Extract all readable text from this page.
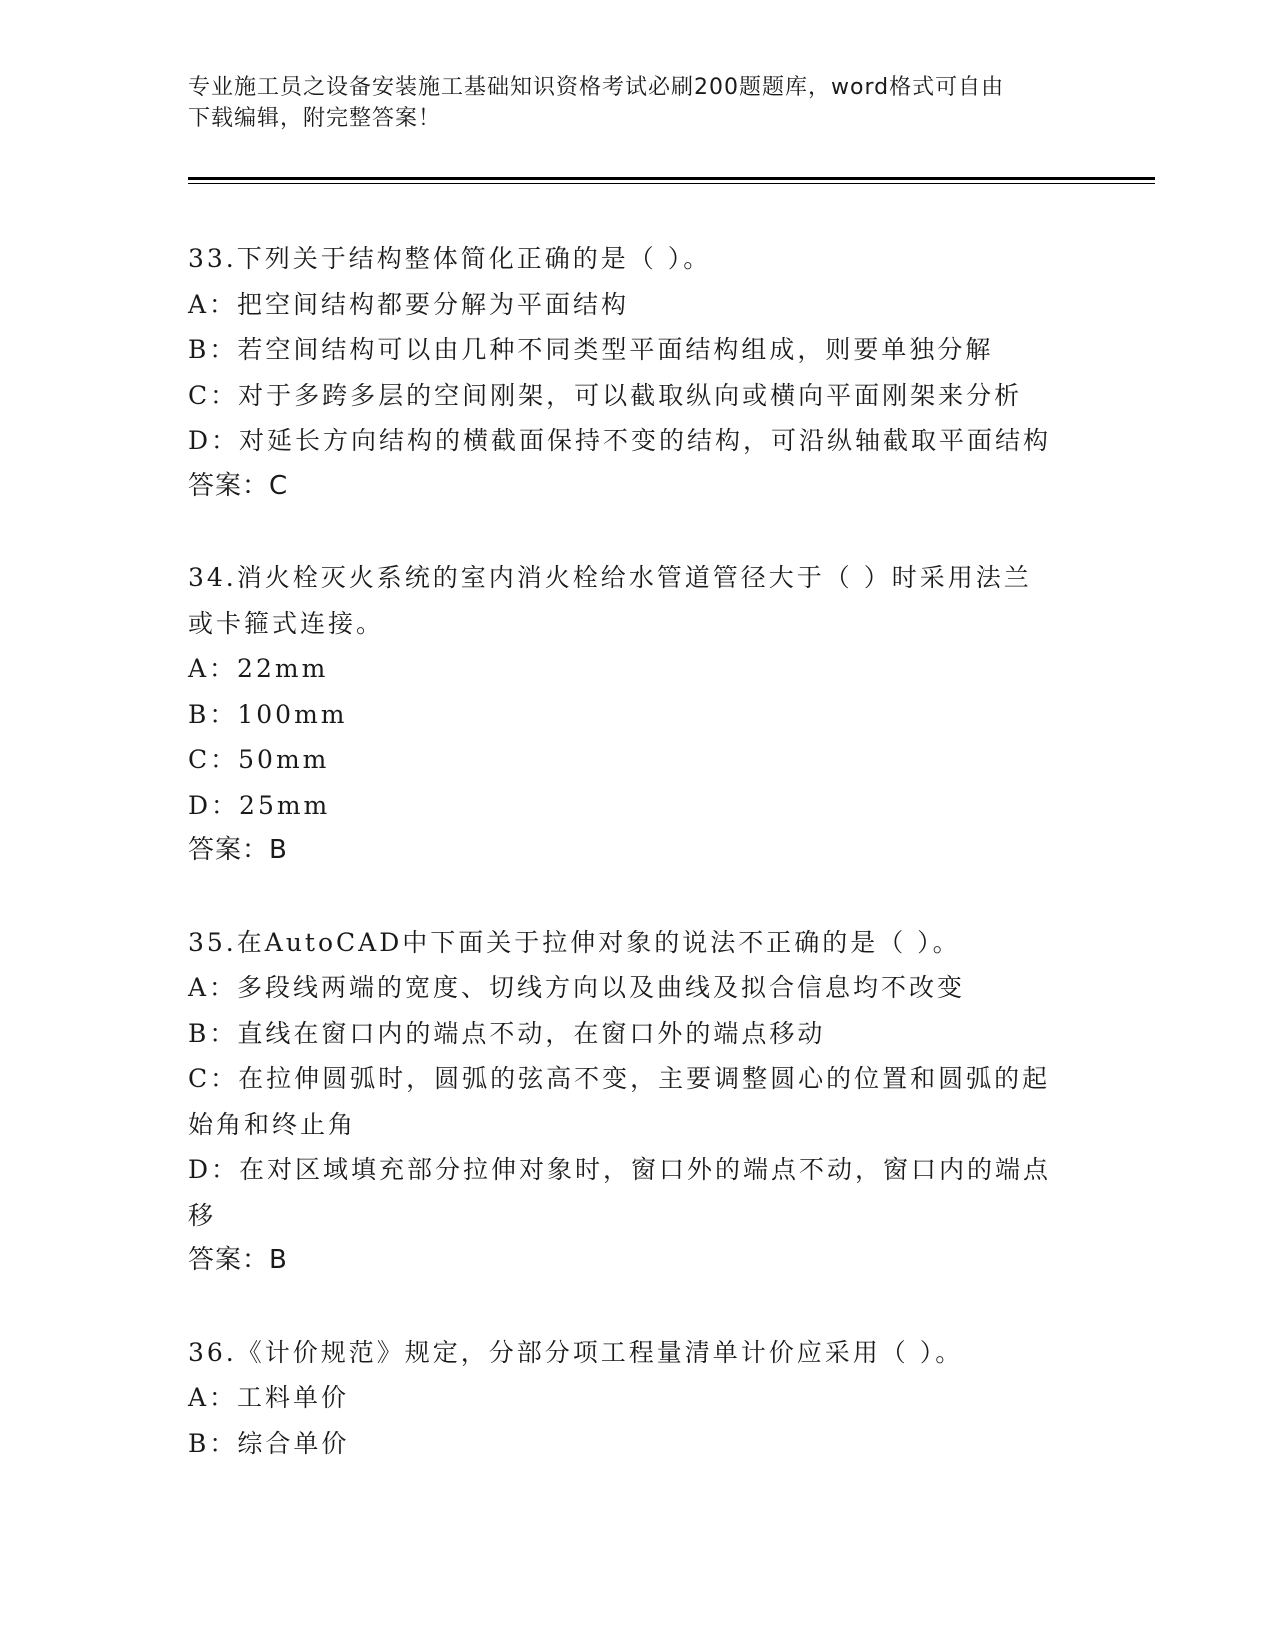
专业施工员之设备安装施工基础知识资格考试必刷200题题库，word格式可自由
下载编辑，附完整答案！
33.下列关于结构整体简化正确的是（ ）。
A：把空间结构都要分解为平面结构
B：若空间结构可以由几种不同类型平面结构组成，则要单独分解
C：对于多跨多层的空间刚架，可以截取纵向或横向平面刚架来分析
D：对延长方向结构的横截面保持不变的结构，可沿纵轴截取平面结构
答案：C
34.消火栓灭火系统的室内消火栓给水管道管径大于（ ）时采用法兰
或卡箍式连接。
A：22mm
B：100mm
C：50mm
D：25mm
答案：B
35.在AutoCAD中下面关于拉伸对象的说法不正确的是（ ）。
A：多段线两端的宽度、切线方向以及曲线及拟合信息均不改变
B：直线在窗口内的端点不动，在窗口外的端点移动
C：在拉伸圆弧时，圆弧的弦高不变，主要调整圆心的位置和圆弧的起
始角和终止角
D：在对区域填充部分拉伸对象时，窗口外的端点不动，窗口内的端点
移
答案：B
36.《计价规范》规定，分部分项工程量清单计价应采用（ ）。
A：工料单价
B：综合单价
